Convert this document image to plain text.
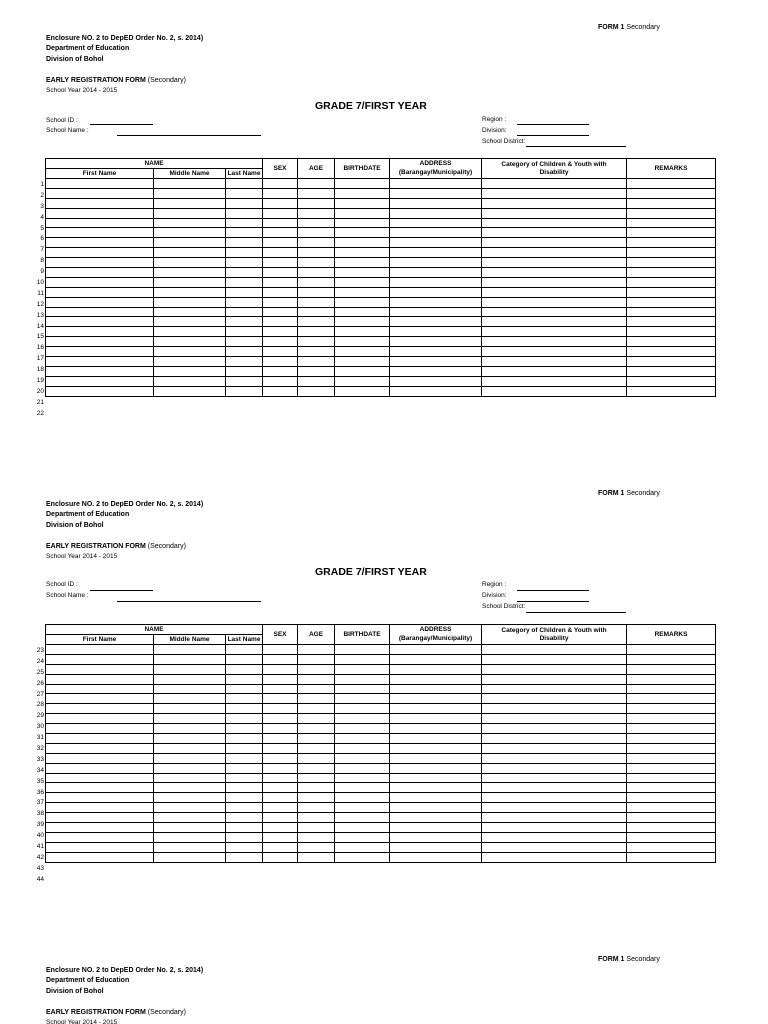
FORM 1 Secondary
Enclosure NO. 2 to DepED Order No. 2, s. 2014)
Department of Education
Division of Bohol
EARLY REGISTRATION FORM (Secondary)
School Year 2014 - 2015
GRADE 7/FIRST YEAR
School ID :
School Name :
Region :
Division:
School District:
1
2
3
4
5
6
7
8
9
10
11
12
13
14
15
16
17
18
19
20
21
22
NAME			SEX	AGE	BIRTHDATE	ADDRESS	Category of Children & Youth with Disability	REMARKS
First Name	Middle Name	Last Name				(Barangay/Municipality)		

FORM 1 Secondary
Enclosure NO. 2 to DepED Order No. 2, s. 2014)
Department of Education
Division of Bohol
EARLY REGISTRATION FORM (Secondary)
School Year 2014 - 2015
GRADE 7/FIRST YEAR
School ID :
School Name :
Region :
Division:
School District:
23
24
25
26
27
28
29
30
31
32
33
34
35
36
37
38
39
40
41
42
43
44
NAME			SEX	AGE	BIRTHDATE	ADDRESS	Category of Children & Youth with Disability	REMARKS
First Name	Middle Name	Last Name				(Barangay/Municipality)		

FORM 1 Secondary
Enclosure NO. 2 to DepED Order No. 2, s. 2014)
Department of Education
Division of Bohol
EARLY REGISTRATION FORM (Secondary)
School Year 2014 - 2015
